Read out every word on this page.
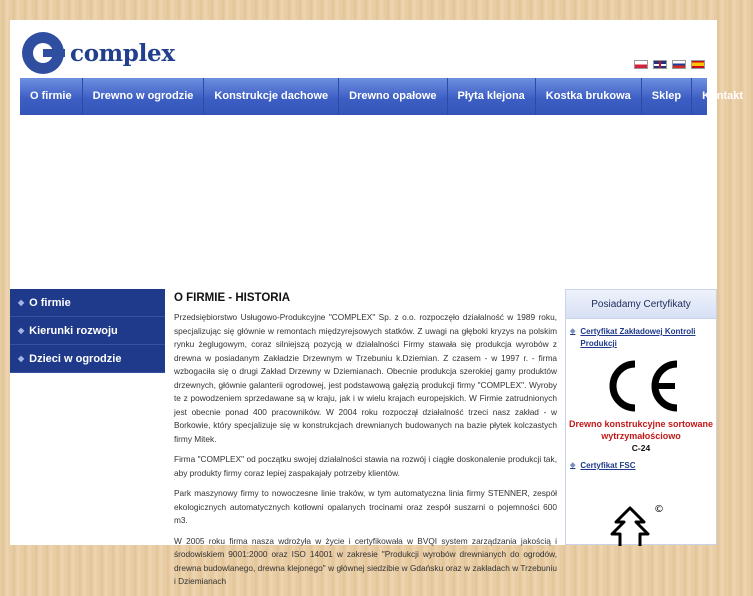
complex
O firmie	Drewno w ogrodzie	Konstrukcje dachowe	Drewno opałowe	Płyta klejona	Kostka brukowa	Sklep	Kontakt
◆ O firmie
◆ Kierunki rozwoju
◆ Dzieci w ogrodzie
O FIRMIE - HISTORIA

Przedsiębiorstwo Usługowo-Produkcyjne "COMPLEX" Sp. z o.o. rozpoczęło działalność w 1989 roku, specjalizując się głównie w remontach międzyrejsowych statków. Z uwagi na głęboki kryzys na polskim rynku żeglugowym, coraz silniejszą pozycją w działalności Firmy stawała się produkcja wyrobów z drewna w posiadanym Zakładzie Drzewnym w Trzebuniu k.Dziemian. Z czasem - w 1997 r. - firma wzbogaciła się o drugi Zakład Drzewny w Dziemianach. Obecnie produkcja szerokiej gamy produktów drzewnych, głównie galanterii ogrodowej, jest podstawową gałęzią produkcji firmy "COMPLEX". Wyroby te z powodzeniem sprzedawane są w kraju, jak i w wielu krajach europejskich. W Firmie zatrudnionych jest obecnie ponad 400 pracowników. W 2004 roku rozpoczął działalność trzeci nasz zakład - w Borkowie, który specjalizuje się w konstrukcjach drewnianych budowanych na bazie płytek kolczastych firmy Mitek.

Firma "COMPLEX" od początku swojej działalności stawia na rozwój i ciągłe doskonalenie produkcji tak, aby produkty firmy coraz lepiej zaspakajały potrzeby klientów.

Park maszynowy firmy to nowoczesne linie traków, w tym automatyczna linia firmy STENNER, zespół ekologicznych automatycznych kotłowni opalanych trocinami oraz zespół suszarni o pojemności 600 m3.

W 2005 roku firma nasza wdrożyła w życie i certyfikowała w BVQI system zarządzania jakością i środowiskiem 9001:2000 oraz ISO 14001 w zakresie "Produkcji wyrobów drewnianych do ogrodów, drewna budowlanego, drewna klejonego" w głównej siedzibie w Gdańsku oraz w zakładach w Trzebuniu i Dziemianach

Posiadamy Certyfikaty
◆ Certyfikat Zakładowej Kontroli Produkcji
Drewno konstrukcyjne sortowane wytrzymałościowo
C-24
◆ Certyfikat FSC
©
